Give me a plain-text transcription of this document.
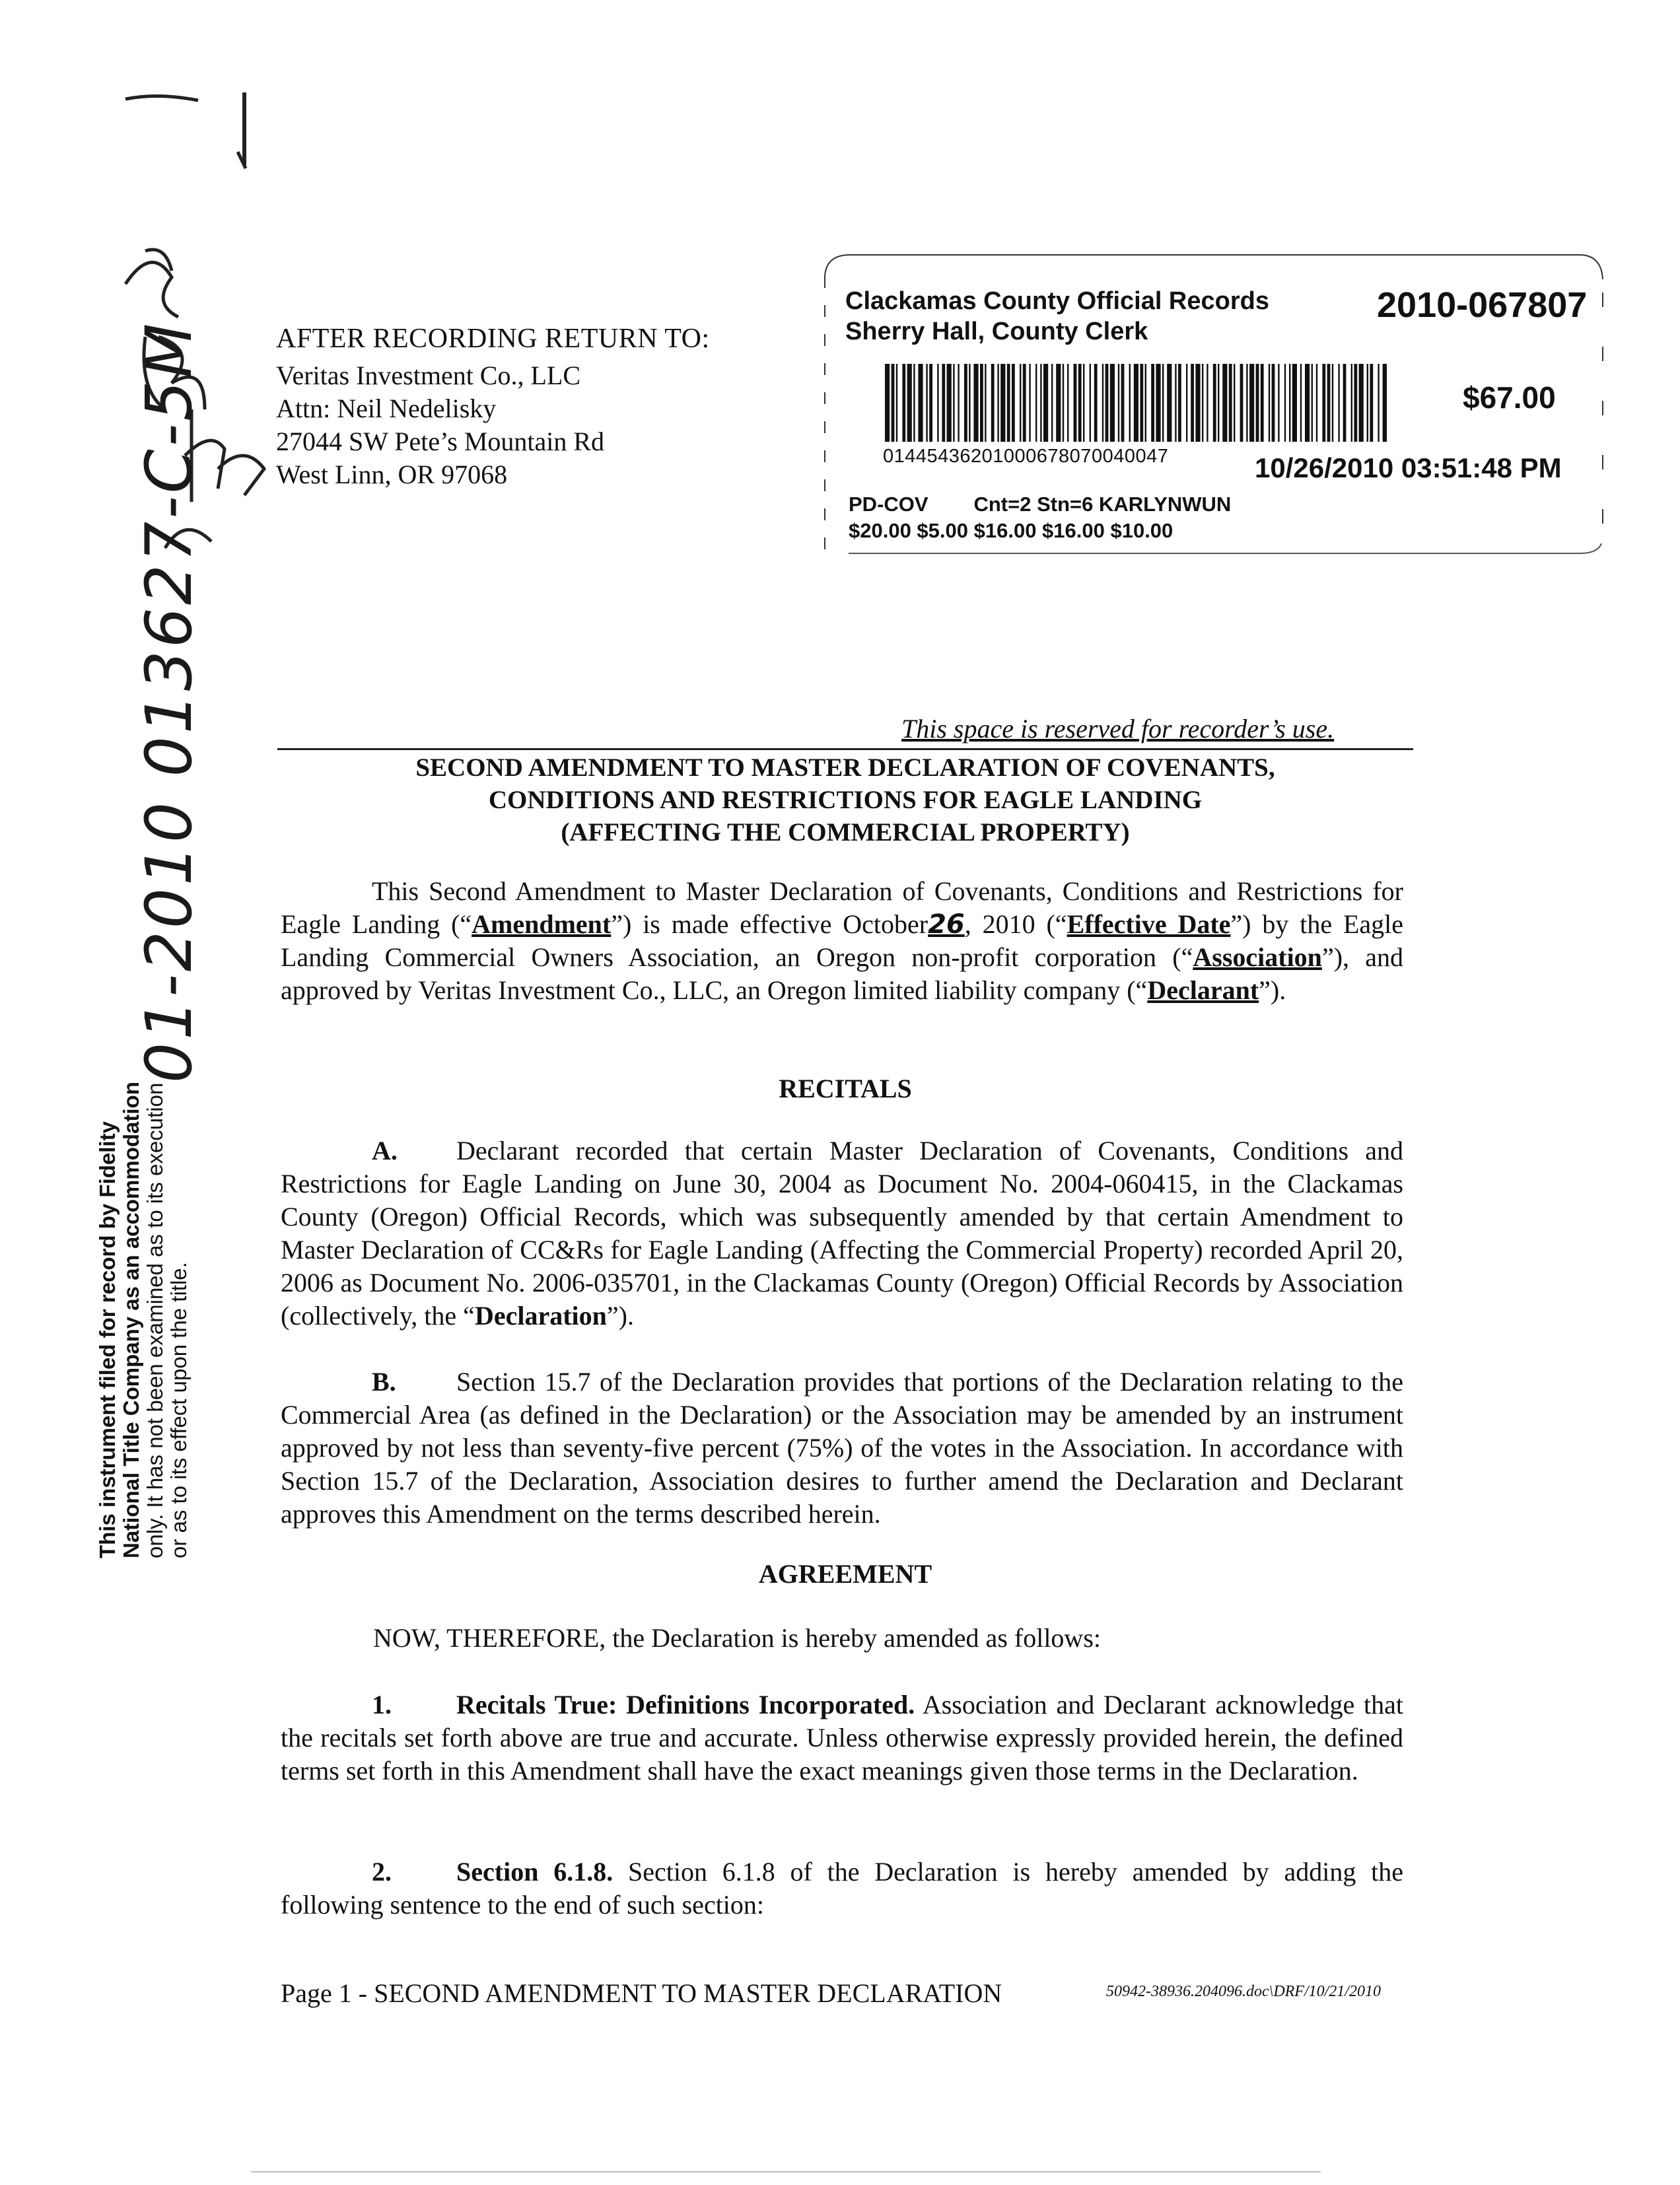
01-2010 013627-C-5M
This instrument filed for record by Fidelity National Title Company as an accommodation only. It has not been examined as to its execution or as to its effect upon the title.
AFTER RECORDING RETURN TO:
Veritas Investment Co., LLC
Attn: Neil Nedelisky
27044 SW Pete’s Mountain Rd
West Linn, OR 97068
Clackamas County Official Records
Sherry Hall, County Clerk
2010-067807
$67.00
01445436201000678070040047	10/26/2010 03:51:48 PM
PD-COV        Cnt=2 Stn=6 KARLYNWUN
$20.00 $5.00 $16.00 $16.00 $10.00
This space is reserved for recorder’s use.
SECOND AMENDMENT TO MASTER DECLARATION OF COVENANTS,
CONDITIONS AND RESTRICTIONS FOR EAGLE LANDING
(AFFECTING THE COMMERCIAL PROPERTY)
This Second Amendment to Master Declaration of Covenants, Conditions and Restrictions for Eagle Landing (“Amendment”) is made effective October26, 2010 (“Effective Date”) by the Eagle Landing Commercial Owners Association, an Oregon non-profit corporation (“Association”), and approved by Veritas Investment Co., LLC, an Oregon limited liability company (“Declarant”).
RECITALS
A. Declarant recorded that certain Master Declaration of Covenants, Conditions and Restrictions for Eagle Landing on June 30, 2004 as Document No. 2004-060415, in the Clackamas County (Oregon) Official Records, which was subsequently amended by that certain Amendment to Master Declaration of CC&Rs for Eagle Landing (Affecting the Commercial Property) recorded April 20, 2006 as Document No. 2006-035701, in the Clackamas County (Oregon) Official Records by Association (collectively, the “Declaration”).
B. Section 15.7 of the Declaration provides that portions of the Declaration relating to the Commercial Area (as defined in the Declaration) or the Association may be amended by an instrument approved by not less than seventy-five percent (75%) of the votes in the Association. In accordance with Section 15.7 of the Declaration, Association desires to further amend the Declaration and Declarant approves this Amendment on the terms described herein.
AGREEMENT
NOW, THEREFORE, the Declaration is hereby amended as follows:
1. Recitals True: Definitions Incorporated. Association and Declarant acknowledge that the recitals set forth above are true and accurate. Unless otherwise expressly provided herein, the defined terms set forth in this Amendment shall have the exact meanings given those terms in the Declaration.
2. Section 6.1.8. Section 6.1.8 of the Declaration is hereby amended by adding the following sentence to the end of such section:
Page 1 - SECOND AMENDMENT TO MASTER DECLARATION	50942-38936.204096.doc\DRF/10/21/2010
